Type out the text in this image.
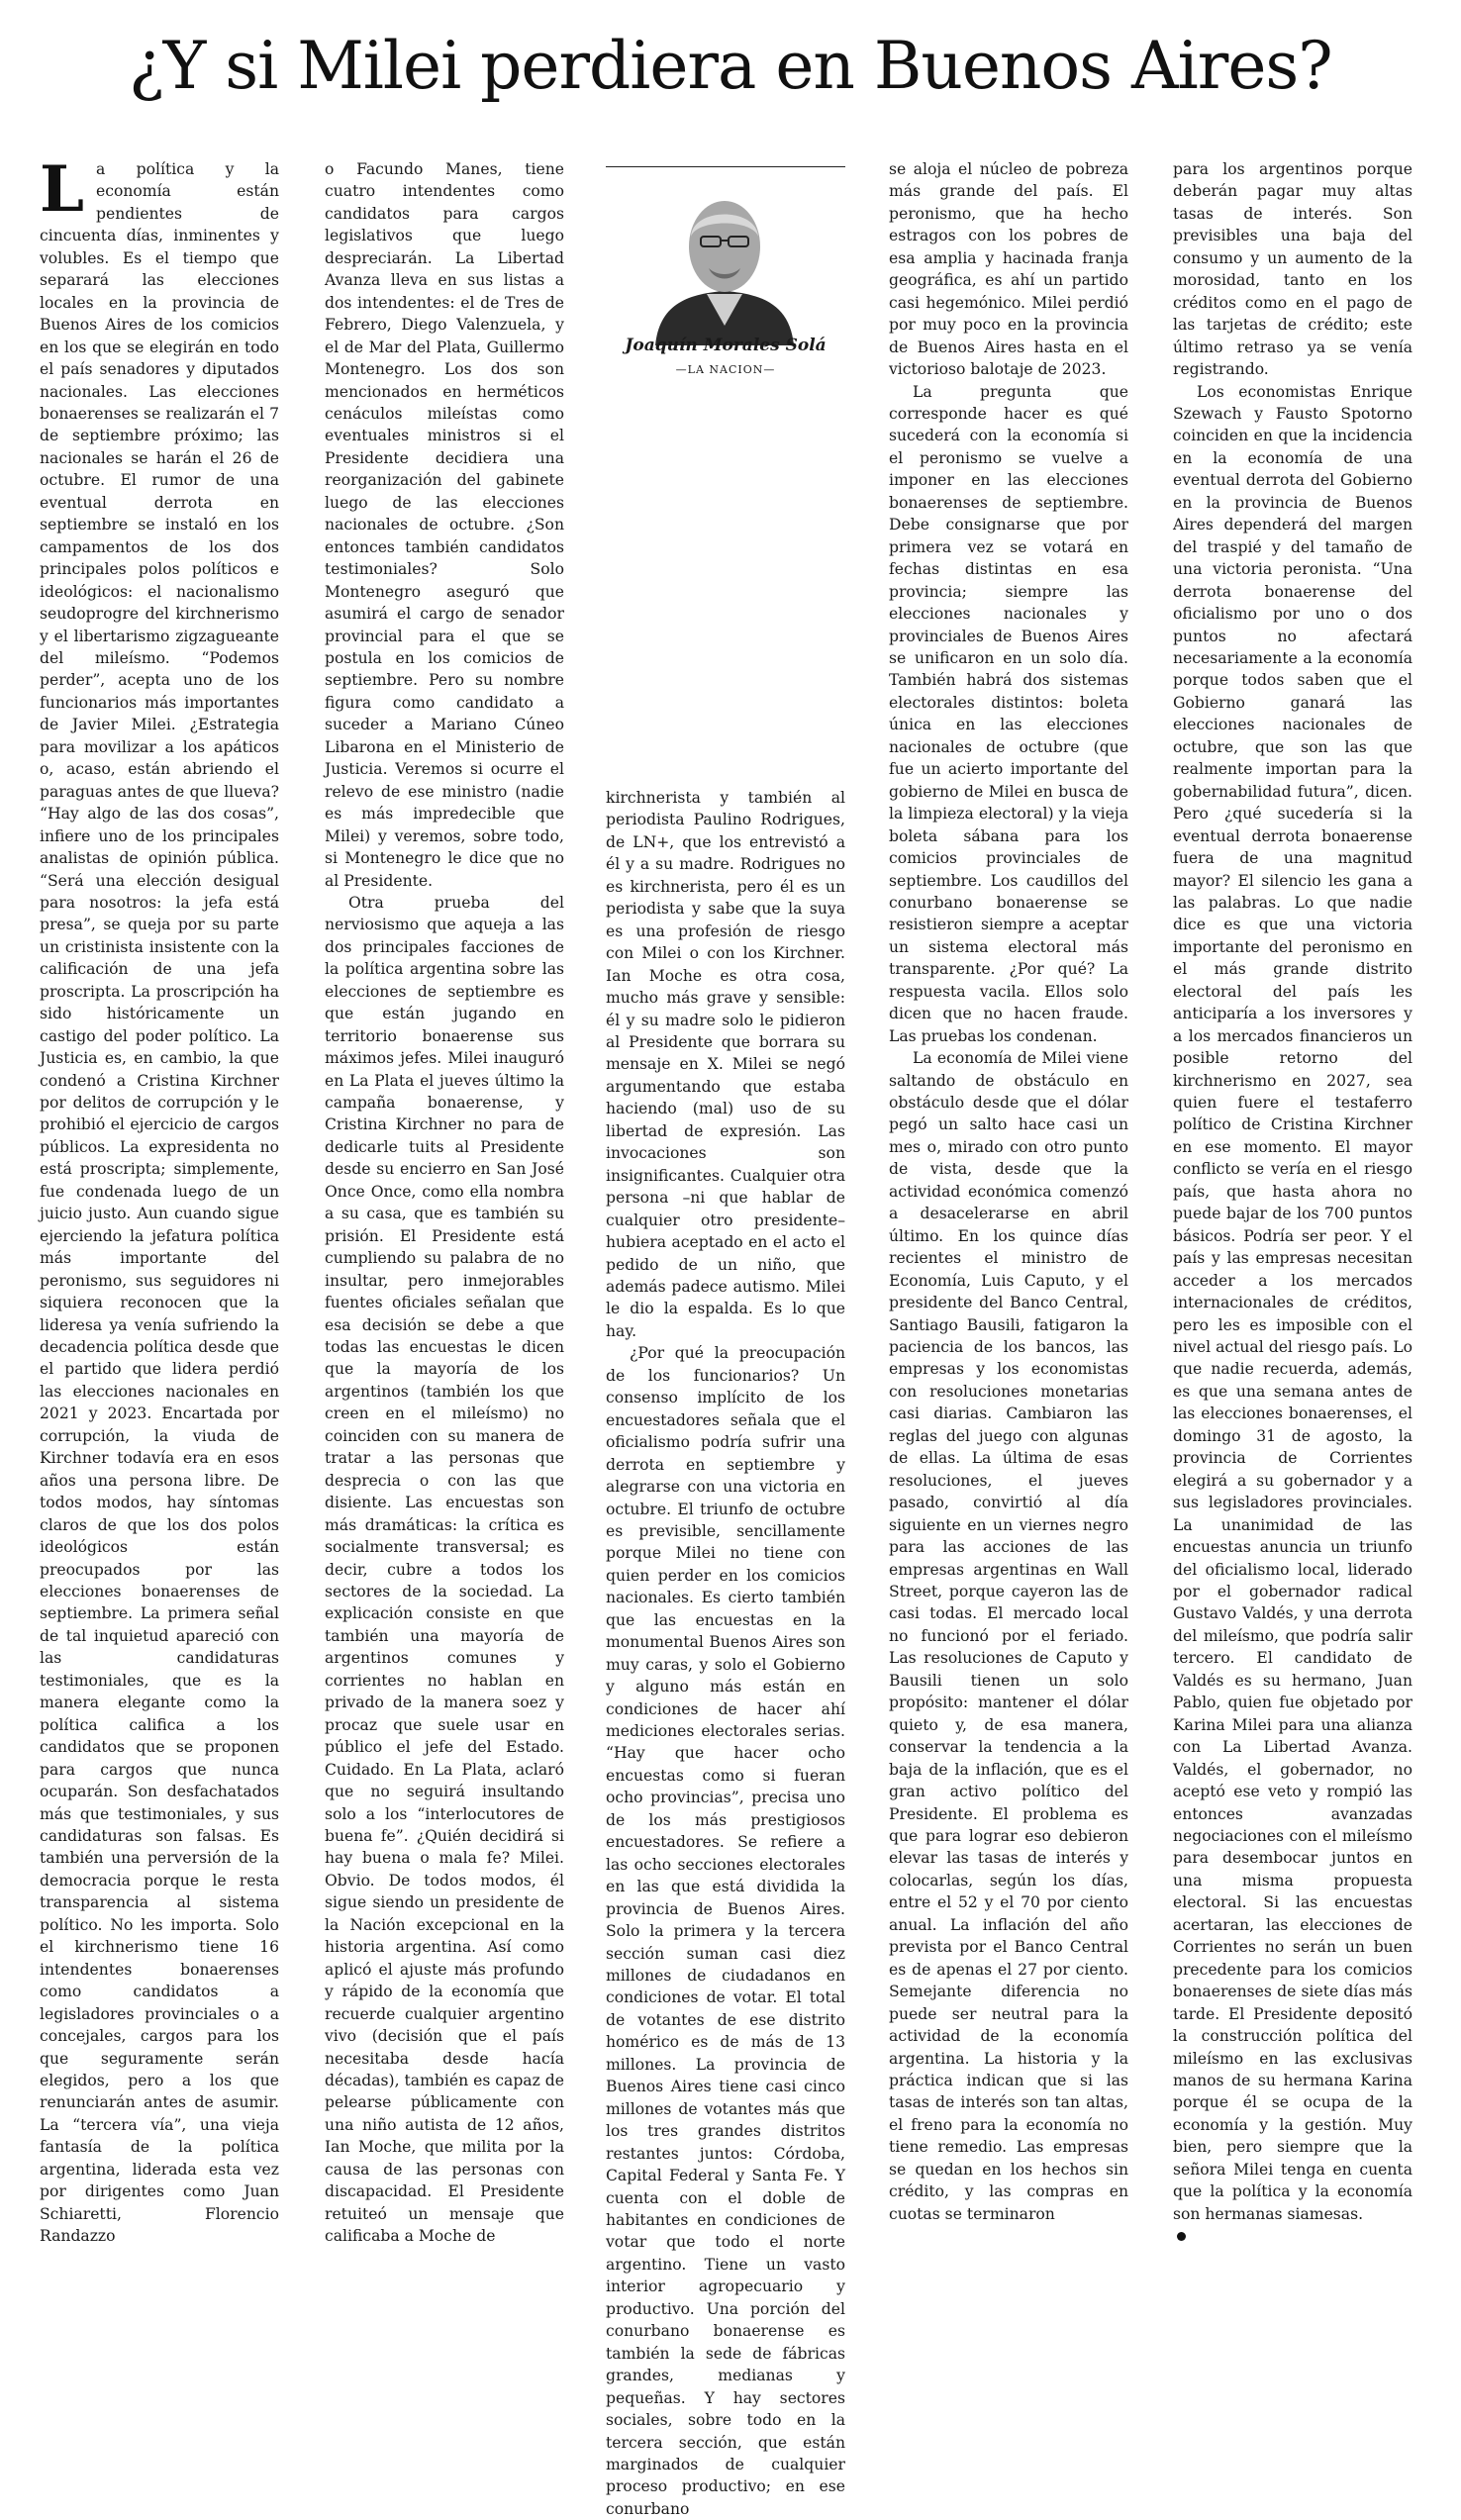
¿Y si Milei perdiera en Buenos Aires?

La política y la economía están pendientes de cincuenta días, inminentes y volubles. Es el tiempo que separará las elecciones locales en la provincia de Buenos Aires de los comicios en los que se elegirán en todo el país senadores y diputados nacionales. Las elecciones bonaerenses se realizarán el 7 de septiembre próximo; las nacionales se harán el 26 de octubre. El rumor de una eventual derrota en septiembre se instaló en los campamentos de los dos principales polos políticos e ideológicos: el nacionalismo seudoprogre del kirchnerismo y el libertarismo zigzagueante del mileísmo. “Podemos perder”, acepta uno de los funcionarios más importantes de Javier Milei. ¿Estrategia para movilizar a los apáticos o, acaso, están abriendo el paraguas antes de que llueva? “Hay algo de las dos cosas”, infiere uno de los principales analistas de opinión pública. “Será una elección desigual para nosotros: la jefa está presa”, se queja por su parte un cristinista insistente con la calificación de una jefa proscripta. La proscripción ha sido históricamente un castigo del poder político. La Justicia es, en cambio, la que condenó a Cristina Kirchner por delitos de corrupción y le prohibió el ejercicio de cargos públicos. La expresidenta no está proscripta; simplemente, fue condenada luego de un juicio justo. Aun cuando sigue ejerciendo la jefatura política más importante del peronismo, sus seguidores ni siquiera reconocen que la lideresa ya venía sufriendo la decadencia política desde que el partido que lidera perdió las elecciones nacionales en 2021 y 2023. Encartada por corrupción, la viuda de Kirchner todavía era en esos años una persona libre. De todos modos, hay síntomas claros de que los dos polos ideológicos están preocupados por las elecciones bonaerenses de septiembre. La primera señal de tal inquietud apareció con las candidaturas testimoniales, que es la manera elegante como la política califica a los candidatos que se proponen para cargos que nunca ocuparán. Son desfachatados más que testimoniales, y sus candidaturas son falsas. Es también una perversión de la democracia porque le resta transparencia al sistema político. No les importa. Solo el kirchnerismo tiene 16 intendentes bonaerenses como candidatos a legisladores provinciales o a concejales, cargos para los que seguramente serán elegidos, pero a los que renunciarán antes de asumir. La “tercera vía”, una vieja fantasía de la política argentina, liderada esta vez por dirigentes como Juan Schiaretti, Florencio Randazzo

o Facundo Manes, tiene cuatro intendentes como candidatos para cargos legislativos que luego despreciarán. La Libertad Avanza lleva en sus listas a dos intendentes: el de Tres de Febrero, Diego Valenzuela, y el de Mar del Plata, Guillermo Montenegro. Los dos son mencionados en herméticos cenáculos mileístas como eventuales ministros si el Presidente decidiera una reorganización del gabinete luego de las elecciones nacionales de octubre. ¿Son entonces también candidatos testimoniales? Solo Montenegro aseguró que asumirá el cargo de senador provincial para el que se postula en los comicios de septiembre. Pero su nombre figura como candidato a suceder a Mariano Cúneo Libarona en el Ministerio de Justicia. Veremos si ocurre el relevo de ese ministro (nadie es más impredecible que Milei) y veremos, sobre todo, si Montenegro le dice que no al Presidente.

Otra prueba del nerviosismo que aqueja a las dos principales facciones de la política argentina sobre las elecciones de septiembre es que están jugando en territorio bonaerense sus máximos jefes. Milei inauguró en La Plata el jueves último la campaña bonaerense, y Cristina Kirchner no para de dedicarle tuits al Presidente desde su encierro en San José Once Once, como ella nombra a su casa, que es también su prisión. El Presidente está cumpliendo su palabra de no insultar, pero inmejorables fuentes oficiales señalan que esa decisión se debe a que todas las encuestas le dicen que la mayoría de los argentinos (también los que creen en el mileísmo) no coinciden con su manera de tratar a las personas que desprecia o con las que disiente. Las encuestas son más dramáticas: la crítica es socialmente transversal; es decir, cubre a todos los sectores de la sociedad. La explicación consiste en que también una mayoría de argentinos comunes y corrientes no hablan en privado de la manera soez y procaz que suele usar en público el jefe del Estado. Cuidado. En La Plata, aclaró que no seguirá insultando solo a los “interlocutores de buena fe”. ¿Quién decidirá si hay buena o mala fe? Milei. Obvio. De todos modos, él sigue siendo un presidente de la Nación excepcional en la historia argentina. Así como aplicó el ajuste más profundo y rápido de la economía que recuerde cualquier argentino vivo (decisión que el país necesitaba desde hacía décadas), también es capaz de pelearse públicamente con una niño autista de 12 años, Ian Moche, que milita por la causa de las personas con discapacidad. El Presidente retuiteó un mensaje que calificaba a Moche de

Joaquín Morales Solá
—LA NACION—

kirchnerista y también al periodista Paulino Rodrigues, de LN+, que los entrevistó a él y a su madre. Rodrigues no es kirchnerista, pero él es un periodista y sabe que la suya es una profesión de riesgo con Milei o con los Kirchner. Ian Moche es otra cosa, mucho más grave y sensible: él y su madre solo le pidieron al Presidente que borrara su mensaje en X. Milei se negó argumentando que estaba haciendo (mal) uso de su libertad de expresión. Las invocaciones son insignificantes. Cualquier otra persona –ni que hablar de cualquier otro presidente– hubiera aceptado en el acto el pedido de un niño, que además padece autismo. Milei le dio la espalda. Es lo que hay.

¿Por qué la preocupación de los funcionarios? Un consenso implícito de los encuestadores señala que el oficialismo podría sufrir una derrota en septiembre y alegrarse con una victoria en octubre. El triunfo de octubre es previsible, sencillamente porque Milei no tiene con quien perder en los comicios nacionales. Es cierto también que las encuestas en la monumental Buenos Aires son muy caras, y solo el Gobierno y alguno más están en condiciones de hacer ahí mediciones electorales serias. “Hay que hacer ocho encuestas como si fueran ocho provincias”, precisa uno de los más prestigiosos encuestadores. Se refiere a las ocho secciones electorales en las que está dividida la provincia de Buenos Aires. Solo la primera y la tercera sección suman casi diez millones de ciudadanos en condiciones de votar. El total de votantes de ese distrito homérico es de más de 13 millones. La provincia de Buenos Aires tiene casi cinco millones de votantes más que los tres grandes distritos restantes juntos: Córdoba, Capital Federal y Santa Fe. Y cuenta con el doble de habitantes en condiciones de votar que todo el norte argentino. Tiene un vasto interior agropecuario y productivo. Una porción del conurbano bonaerense es también la sede de fábricas grandes, medianas y pequeñas. Y hay sectores sociales, sobre todo en la tercera sección, que están marginados de cualquier proceso productivo; en ese conurbano

se aloja el núcleo de pobreza más grande del país. El peronismo, que ha hecho estragos con los pobres de esa amplia y hacinada franja geográfica, es ahí un partido casi hegemónico. Milei perdió por muy poco en la provincia de Buenos Aires hasta en el victorioso balotaje de 2023.

La pregunta que corresponde hacer es qué sucederá con la economía si el peronismo se vuelve a imponer en las elecciones bonaerenses de septiembre. Debe consignarse que por primera vez se votará en fechas distintas en esa provincia; siempre las elecciones nacionales y provinciales de Buenos Aires se unificaron en un solo día. También habrá dos sistemas electorales distintos: boleta única en las elecciones nacionales de octubre (que fue un acierto importante del gobierno de Milei en busca de la limpieza electoral) y la vieja boleta sábana para los comicios provinciales de septiembre. Los caudillos del conurbano bonaerense se resistieron siempre a aceptar un sistema electoral más transparente. ¿Por qué? La respuesta vacila. Ellos solo dicen que no hacen fraude. Las pruebas los condenan.

La economía de Milei viene saltando de obstáculo en obstáculo desde que el dólar pegó un salto hace casi un mes o, mirado con otro punto de vista, desde que la actividad económica comenzó a desacelerarse en abril último. En los quince días recientes el ministro de Economía, Luis Caputo, y el presidente del Banco Central, Santiago Bausili, fatigaron la paciencia de los bancos, las empresas y los economistas con resoluciones monetarias casi diarias. Cambiaron las reglas del juego con algunas de ellas. La última de esas resoluciones, el jueves pasado, convirtió al día siguiente en un viernes negro para las acciones de las empresas argentinas en Wall Street, porque cayeron las de casi todas. El mercado local no funcionó por el feriado. Las resoluciones de Caputo y Bausili tienen un solo propósito: mantener el dólar quieto y, de esa manera, conservar la tendencia a la baja de la inflación, que es el gran activo político del Presidente. El problema es que para lograr eso debieron elevar las tasas de interés y colocarlas, según los días, entre el 52 y el 70 por ciento anual. La inflación del año prevista por el Banco Central es de apenas el 27 por ciento. Semejante diferencia no puede ser neutral para la actividad de la economía argentina. La historia y la práctica indican que si las tasas de interés son tan altas, el freno para la economía no tiene remedio. Las empresas se quedan en los hechos sin crédito, y las compras en cuotas se terminaron

para los argentinos porque deberán pagar muy altas tasas de interés. Son previsibles una baja del consumo y un aumento de la morosidad, tanto en los créditos como en el pago de las tarjetas de crédito; este último retraso ya se venía registrando.

Los economistas Enrique Szewach y Fausto Spotorno coinciden en que la incidencia en la economía de una eventual derrota del Gobierno en la provincia de Buenos Aires dependerá del margen del traspié y del tamaño de una victoria peronista. “Una derrota bonaerense del oficialismo por uno o dos puntos no afectará necesariamente a la economía porque todos saben que el Gobierno ganará las elecciones nacionales de octubre, que son las que realmente importan para la gobernabilidad futura”, dicen. Pero ¿qué sucedería si la eventual derrota bonaerense fuera de una magnitud mayor? El silencio les gana a las palabras. Lo que nadie dice es que una victoria importante del peronismo en el más grande distrito electoral del país les anticiparía a los inversores y a los mercados financieros un posible retorno del kirchnerismo en 2027, sea quien fuere el testaferro político de Cristina Kirchner en ese momento. El mayor conflicto se vería en el riesgo país, que hasta ahora no puede bajar de los 700 puntos básicos. Podría ser peor. Y el país y las empresas necesitan acceder a los mercados internacionales de créditos, pero les es imposible con el nivel actual del riesgo país. Lo que nadie recuerda, además, es que una semana antes de las elecciones bonaerenses, el domingo 31 de agosto, la provincia de Corrientes elegirá a su gobernador y a sus legisladores provinciales. La unanimidad de las encuestas anuncia un triunfo del oficialismo local, liderado por el gobernador radical Gustavo Valdés, y una derrota del mileísmo, que podría salir tercero. El candidato de Valdés es su hermano, Juan Pablo, quien fue objetado por Karina Milei para una alianza con La Libertad Avanza. Valdés, el gobernador, no aceptó ese veto y rompió las entonces avanzadas negociaciones con el mileísmo para desembocar juntos en una misma propuesta electoral. Si las encuestas acertaran, las elecciones de Corrientes no serán un buen precedente para los comicios bonaerenses de siete días más tarde. El Presidente depositó la construcción política del mileísmo en las exclusivas manos de su hermana Karina porque él se ocupa de la economía y la gestión. Muy bien, pero siempre que la señora Milei tenga en cuenta que la política y la economía son hermanas siamesas.
